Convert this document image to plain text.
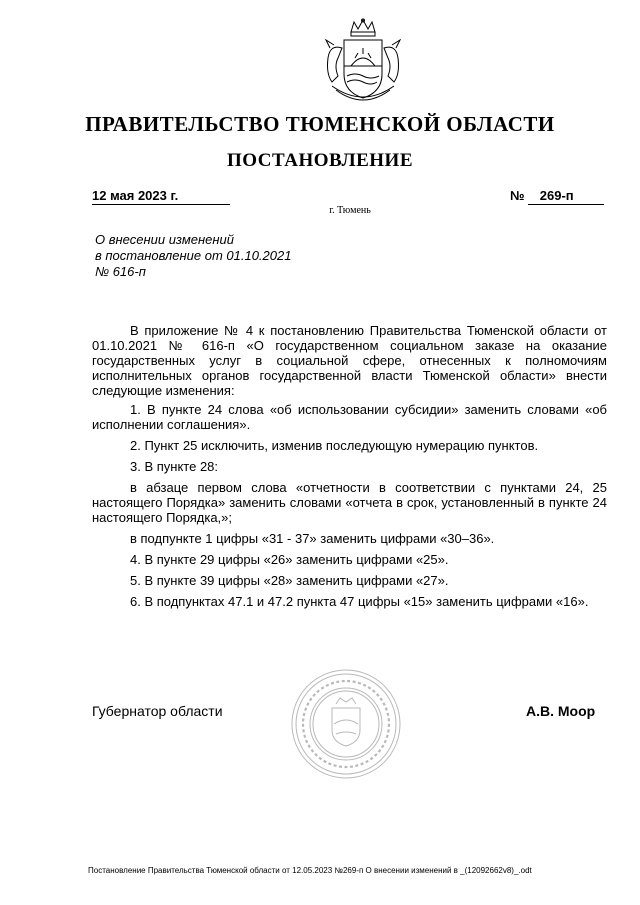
ПРАВИТЕЛЬСТВО ТЮМЕНСКОЙ ОБЛАСТИ
ПОСТАНОВЛЕНИЕ
12 мая 2023 г.	№ 269-п
г. Тюмень
О внесении изменений
в постановление от 01.10.2021
№ 616-п

В приложение № 4 к постановлению Правительства Тюменской области от 01.10.2021 № 616-п «О государственном социальном заказе на оказание государственных услуг в социальной сфере, отнесенных к полномочиям исполнительных органов государственной власти Тюменской области» внести следующие изменения:

1. В пункте 24 слова «об использовании субсидии» заменить словами «об исполнении соглашения».

2. Пункт 25 исключить, изменив последующую нумерацию пунктов.

3. В пункте 28:

в абзаце первом слова «отчетности в соответствии с пунктами 24, 25 настоящего Порядка» заменить словами «отчета в срок, установленный в пункте 24 настоящего Порядка,»;

в подпункте 1 цифры «31 - 37» заменить цифрами «30–36».

4. В пункте 29 цифры «26» заменить цифрами «25».

5. В пункте 39 цифры «28» заменить цифрами «27».

6. В подпунктах 47.1 и 47.2 пункта 47 цифры «15» заменить цифрами «16».

Губернатор области	А.В. Моор
Постановление Правительства Тюменской области от 12.05.2023 №269-п О внесении изменений в _(12092662v8)_.odt
